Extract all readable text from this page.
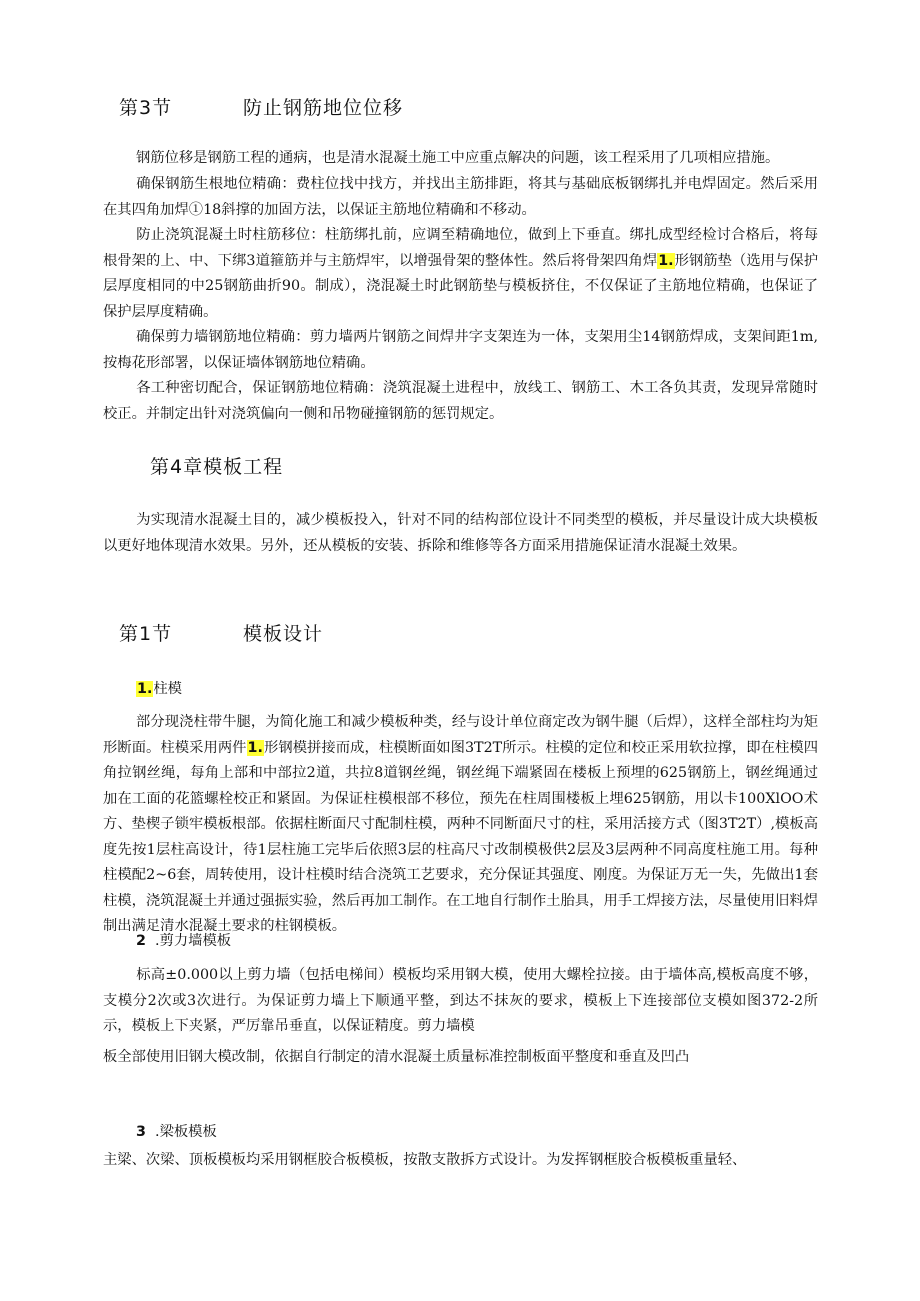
第3节	防止钢筋地位位移

钢筋位移是钢筋工程的通病，也是清水混凝土施工中应重点解决的问题，该工程采用了几项相应措施。

确保钢筋生根地位精确：费柱位找中找方，并找出主筋排距，将其与基础底板钢绑扎并电焊固定。然后采用在其四角加焊①18斜撑的加固方法，以保证主筋地位精确和不移动。

防止浇筑混凝土时柱筋移位：柱筋绑扎前，应调至精确地位，做到上下垂直。绑扎成型经检讨合格后，将每根骨架的上、中、下绑3道箍筋并与主筋焊牢，以增强骨架的整体性。然后将骨架四角焊1.形钢筋垫（选用与保护层厚度相同的中25钢筋曲折90。制成），浇混凝土时此钢筋垫与模板挤住，不仅保证了主筋地位精确，也保证了保护层厚度精确。

确保剪力墙钢筋地位精确：剪力墙两片钢筋之间焊井字支架连为一体，支架用尘14钢筋焊成，支架间距1m,按梅花形部署，以保证墙体钢筋地位精确。

各工种密切配合，保证钢筋地位精确：浇筑混凝土进程中，放线工、钢筋工、木工各负其责，发现异常随时校正。并制定出针对浇筑偏向一侧和吊物碰撞钢筋的惩罚规定。

第4章模板工程

为实现清水混凝土目的，减少模板投入，针对不同的结构部位设计不同类型的模板，并尽量设计成大块模板以更好地体现清水效果。另外，还从模板的安装、拆除和维修等各方面采用措施保证清水混凝土效果。

第1节	模板设计
1.柱模

部分现浇柱带牛腿，为简化施工和减少模板种类，经与设计单位商定改为钢牛腿（后焊），这样全部柱均为矩形断面。柱模采用两件1.形钢模拼接而成，柱模断面如图3T2T所示。柱模的定位和校正采用软拉撑，即在柱模四角拉钢丝绳，每角上部和中部拉2道，共拉8道钢丝绳，钢丝绳下端紧固在楼板上预埋的625钢筋上，钢丝绳通过加在工面的花篮螺栓校正和紧固。为保证柱模根部不移位，预先在柱周围楼板上埋625钢筋，用以卡100XlOO术方、垫楔子锁牢模板根部。依据柱断面尺寸配制柱模，两种不同断面尺寸的柱，采用活接方式（图3T2T）,模板高度先按1层柱高设计，待1层柱施工完毕后依照3层的柱高尺寸改制模极供2层及3层两种不同高度柱施工用。每种柱模配2~6套，周转使用，设计柱模时结合浇筑工艺要求，充分保证其强度、刚度。为保证万无一失，先做出1套柱模，浇筑混凝土并通过强振实验，然后再加工制作。在工地自行制作土胎具，用手工焊接方法，尽量使用旧料焊制出满足清水混凝土要求的柱钢模板。

2 .剪力墙模板

标高±0.000以上剪力墙（包括电梯间）模板均采用钢大模，使用大螺栓拉接。由于墙体高,模板高度不够，支模分2次或3次进行。为保证剪力墙上下顺通平整，到达不抹灰的要求，模板上下连接部位支模如图372-2所示，模板上下夹紧，严厉靠吊垂直，以保证精度。剪力墙模

板全部使用旧钢大模改制，依据自行制定的清水混凝土质量标准控制板面平整度和垂直及凹凸

3 .梁板模板

主梁、次梁、顶板模板均采用钢框胶合板模板，按散支散拆方式设计。为发挥钢框胶合板模板重量轻、
